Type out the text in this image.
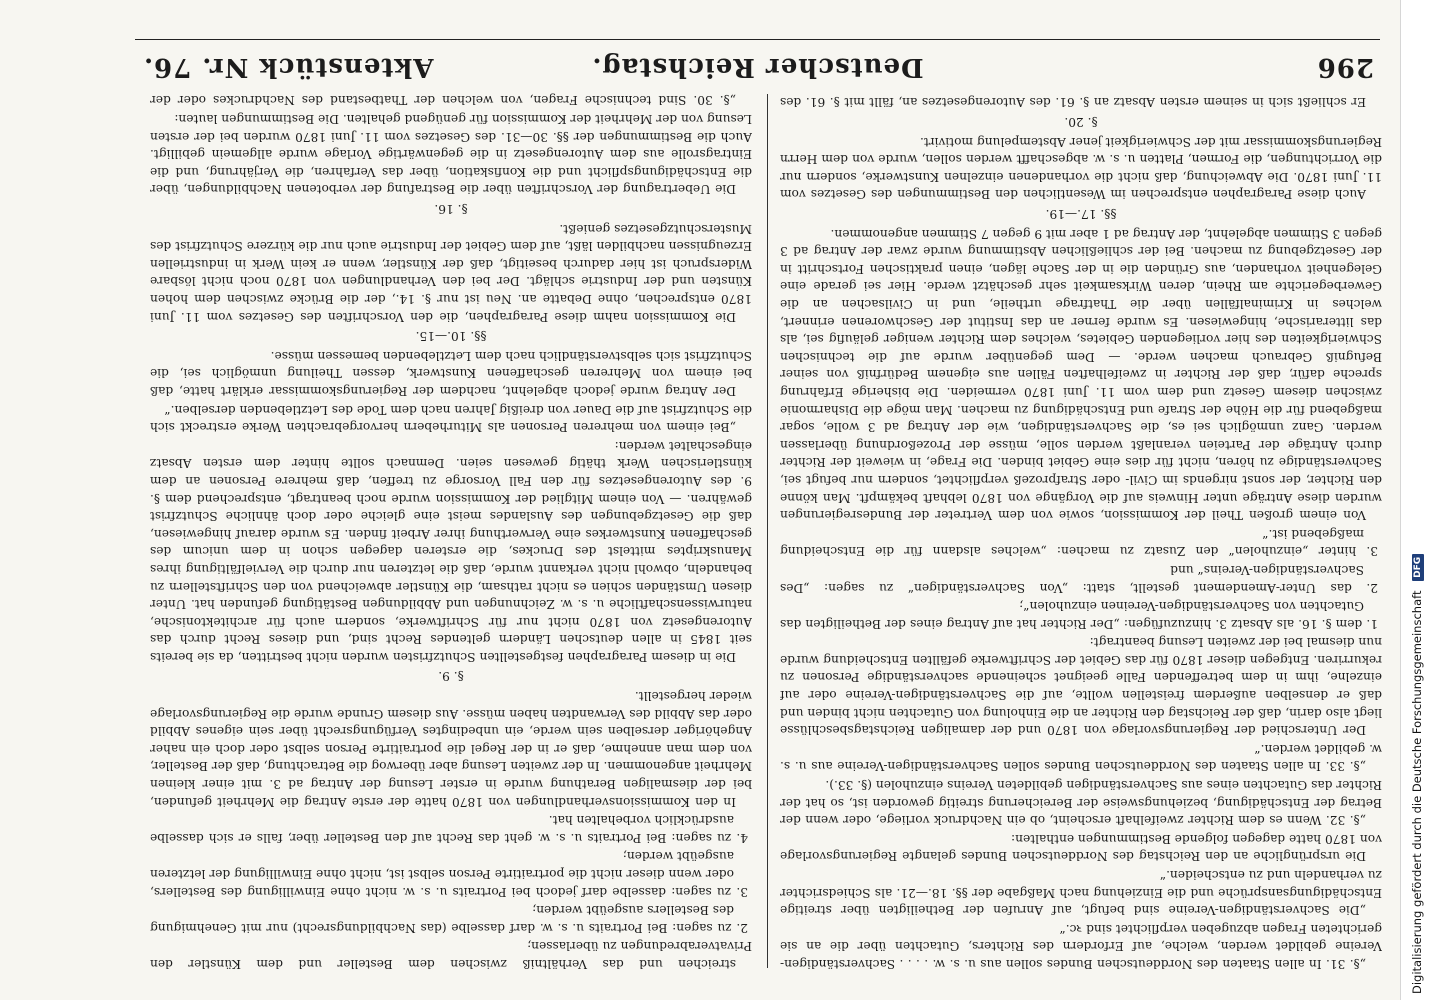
296
Deutscher Reichstag.
Aktenstück Nr. 76.

streichen und das Verhältniß zwischen dem Besteller und dem Künstler den Privatverabredungen zu überlassen;

2. zu sagen: Bei Portraits u. s. w. darf dasselbe (das Nachbildungsrecht) nur mit Genehmigung des Bestellers ausgeübt werden;

3. zu sagen: dasselbe darf jedoch bei Portraits u. s. w. nicht ohne Einwilligung des Bestellers, oder wenn dieser nicht die portraitirte Person selbst ist, nicht ohne Einwilligung der letzteren ausgeübt werden;

4. zu sagen: Bei Portraits u. s. w. geht das Recht auf den Besteller über, falls er sich dasselbe ausdrücklich vorbehalten hat.

In den Kommissionsverhandlungen von 1870 hatte der erste Antrag die Mehrheit gefunden, bei der diesmaligen Berathung wurde in erster Lesung der Antrag ad 3. mit einer kleinen Mehrheit angenommen. In der zweiten Lesung aber überwog die Betrachtung, daß der Besteller, von dem man annehme, daß er in der Regel die portraitirte Person selbst oder doch ein naher Angehöriger derselben sein werde, ein unbedingtes Verfügungsrecht über sein eigenes Abbild oder das Abbild des Verwandten haben müsse. Aus diesem Grunde wurde die Regierungsvorlage wieder hergestellt.

§. 9.

Die in diesem Paragraphen festgestellten Schutzfristen wurden nicht bestritten, da sie bereits seit 1845 in allen deutschen Ländern geltendes Recht sind, und dieses Recht durch das Autorengesetz von 1870 nicht nur für Schriftwerke, sondern auch für architektonische, naturwissenschaftliche u. s. w. Zeichnungen und Abbildungen Bestätigung gefunden hat. Unter diesen Umständen schien es nicht rathsam, die Künstler abweichend von den Schriftstellern zu behandeln, obwohl nicht verkannt wurde, daß die letzteren nur durch die Vervielfältigung ihres Manuskriptes mittelst des Druckes, die ersteren dagegen schon in dem unicum des geschaffenen Kunstwerkes eine Verwerthung ihrer Arbeit finden. Es wurde darauf hingewiesen, daß die Gesetzgebungen des Auslandes meist eine gleiche oder doch ähnliche Schutzfrist gewähren. — Von einem Mitglied der Kommission wurde noch beantragt, entsprechend dem §. 9. des Autorengesetzes für den Fall Vorsorge zu treffen, daß mehrere Personen an dem künstlerischen Werk thätig gewesen seien. Demnach sollte hinter dem ersten Absatz eingeschaltet werden:

„Bei einem von mehreren Personen als Miturhebern hervorgebrachten Werke erstreckt sich die Schutzfrist auf die Dauer von dreißig Jahren nach dem Tode des Letztlebenden derselben.“

Der Antrag wurde jedoch abgelehnt, nachdem der Regierungskommissar erklärt hatte, daß bei einem von Mehreren geschaffenen Kunstwerk, dessen Theilung unmöglich sei, die Schutzfrist sich selbstverständlich nach dem Letztlebenden bemessen müsse.

§§. 10.—15.

Die Kommission nahm diese Paragraphen, die den Vorschriften des Gesetzes vom 11. Juni 1870 entsprechen, ohne Debatte an. Neu ist nur §. 14., der die Brücke zwischen dem hohen Künsten und der Industrie schlägt. Der bei den Verhandlungen von 1870 noch nicht lösbare Widerspruch ist hier dadurch beseitigt, daß der Künstler, wenn er kein Werk in industriellen Erzeugnissen nachbilden läßt, auf dem Gebiet der Industrie auch nur die kürzere Schutzfrist des Musterschutzgesetzes genießt.

§. 16.

Die Uebertragung der Vorschriften über die Bestrafung der verbotenen Nachbildungen, über die Entschädigungspflicht und die Konfiskation, über das Verfahren, die Verjährung, und die Eintragsrolle aus dem Autorengesetz in die gegenwärtige Vorlage wurde allgemein gebilligt. Auch die Bestimmungen der §§. 30—31. des Gesetzes vom 11. Juni 1870 wurden bei der ersten Lesung von der Mehrheit der Kommission für genügend gehalten. Die Bestimmungen lauten:

„§. 30. Sind technische Fragen, von welchen der Thatbestand des Nachdruckes oder der

„§. 31. In allen Staaten des Norddeutschen Bundes sollen aus u. s. w. . . . . Sachverständigen-Vereine gebildet werden, welche, auf Erfordern des Richters, Gutachten über die an sie gerichteten Fragen abzugeben verpflichtet sind ꝛc.“

„Die Sachverständigen-Vereine sind befugt, auf Anrufen der Betheiligten über streitige Entschädigungsansprüche und die Einziehung nach Maßgabe der §§. 18.—21. als Schiedsrichter zu verhandeln und zu entscheiden.“

Die ursprüngliche an den Reichstag des Norddeutschen Bundes gelangte Regierungsvorlage von 1870 hatte dagegen folgende Bestimmungen enthalten:

„§. 32. Wenn es dem Richter zweifelhaft erscheint, ob ein Nachdruck vorliege, oder wenn der Betrag der Entschädigung, beziehungsweise der Bereicherung streitig geworden ist, so hat der Richter das Gutachten eines aus Sachverständigen gebildeten Vereins einzuholen (§. 33.).

„§. 33. In allen Staaten des Norddeutschen Bundes sollen Sachverständigen-Vereine aus u. s. w. gebildet werden.“

Der Unterschied der Regierungsvorlage von 1870 und der damaligen Reichstagsbeschlüsse liegt also darin, daß der Reichstag den Richter an die Einholung von Gutachten nicht binden und daß er denselben außerdem freistellen wollte, auf die Sachverständigen-Vereine oder auf einzelne, ihm in dem betreffenden Falle geeignet scheinende sachverständige Personen zu rekurriren. Entgegen dieser 1870 für das Gebiet der Schriftwerke gefällten Entscheidung wurde nun diesmal bei der zweiten Lesung beantragt:

1. dem §. 16. als Absatz 3. hinzuzufügen: „Der Richter hat auf Antrag eines der Betheiligten das Gutachten von Sachverständigen-Vereinen einzuholen“;

2. das Unter-Amendement gestellt, statt: „Von Sachverständigen“ zu sagen: „Des Sachverständigen-Vereins“ und

3. hinter „einzuholen“ den Zusatz zu machen: „welches alsdann für die Entscheidung maßgebend ist.“

Von einem großen Theil der Kommission, sowie von dem Vertreter der Bundesregierungen wurden diese Anträge unter Hinweis auf die Vorgänge von 1870 lebhaft bekämpft. Man könne den Richter, der sonst nirgends im Civil- oder Strafprozeß verpflichtet, sondern nur befugt sei, Sachverständige zu hören, nicht für dies eine Gebiet binden. Die Frage, in wieweit der Richter durch Anträge der Parteien veranlaßt werden solle, müsse der Prozeßordnung überlassen werden. Ganz unmöglich sei es, die Sachverständigen, wie der Antrag ad 3 wolle, sogar maßgebend für die Höhe der Strafe und Entschädigung zu machen. Man möge die Disharmonie zwischen diesem Gesetz und dem vom 11. Juni 1870 vermeiden. Die bisherige Erfahrung spreche dafür, daß der Richter in zweifelhaften Fällen aus eigenem Bedürfniß von seiner Befugniß Gebrauch machen werde. — Dem gegenüber wurde auf die technischen Schwierigkeiten des hier vorliegenden Gebietes, welches dem Richter weniger geläufig sei, als das litterarische, hingewiesen. Es wurde ferner an das Institut der Geschworenen erinnert, welches in Kriminalfällen über die Thatfrage urtheile, und in Civilsachen an die Gewerbegerichte am Rhein, deren Wirksamkeit sehr geschätzt werde. Hier sei gerade eine Gelegenheit vorhanden, aus Gründen die in der Sache lägen, einen praktischen Fortschritt in der Gesetzgebung zu machen. Bei der schließlichen Abstimmung wurde zwar der Antrag ad 3 gegen 3 Stimmen abgelehnt, der Antrag ad 1 aber mit 9 gegen 7 Stimmen angenommen.

§§. 17.—19.

Auch diese Paragraphen entsprechen im Wesentlichen den Bestimmungen des Gesetzes vom 11. Juni 1870. Die Abweichung, daß nicht die vorhandenen einzelnen Kunstwerke, sondern nur die Vorrichtungen, die Formen, Platten u. s. w. abgeschafft werden sollen, wurde von dem Herrn Regierungskommissar mit der Schwierigkeit jener Abstempelung motivirt.

§. 20.

Er schließt sich in seinem ersten Absatz an §. 61. des Autorengesetzes an, fällt mit §. 61. des

Digitalisierung gefördert durch die Deutsche Forschungsgemeinschaft DFG
